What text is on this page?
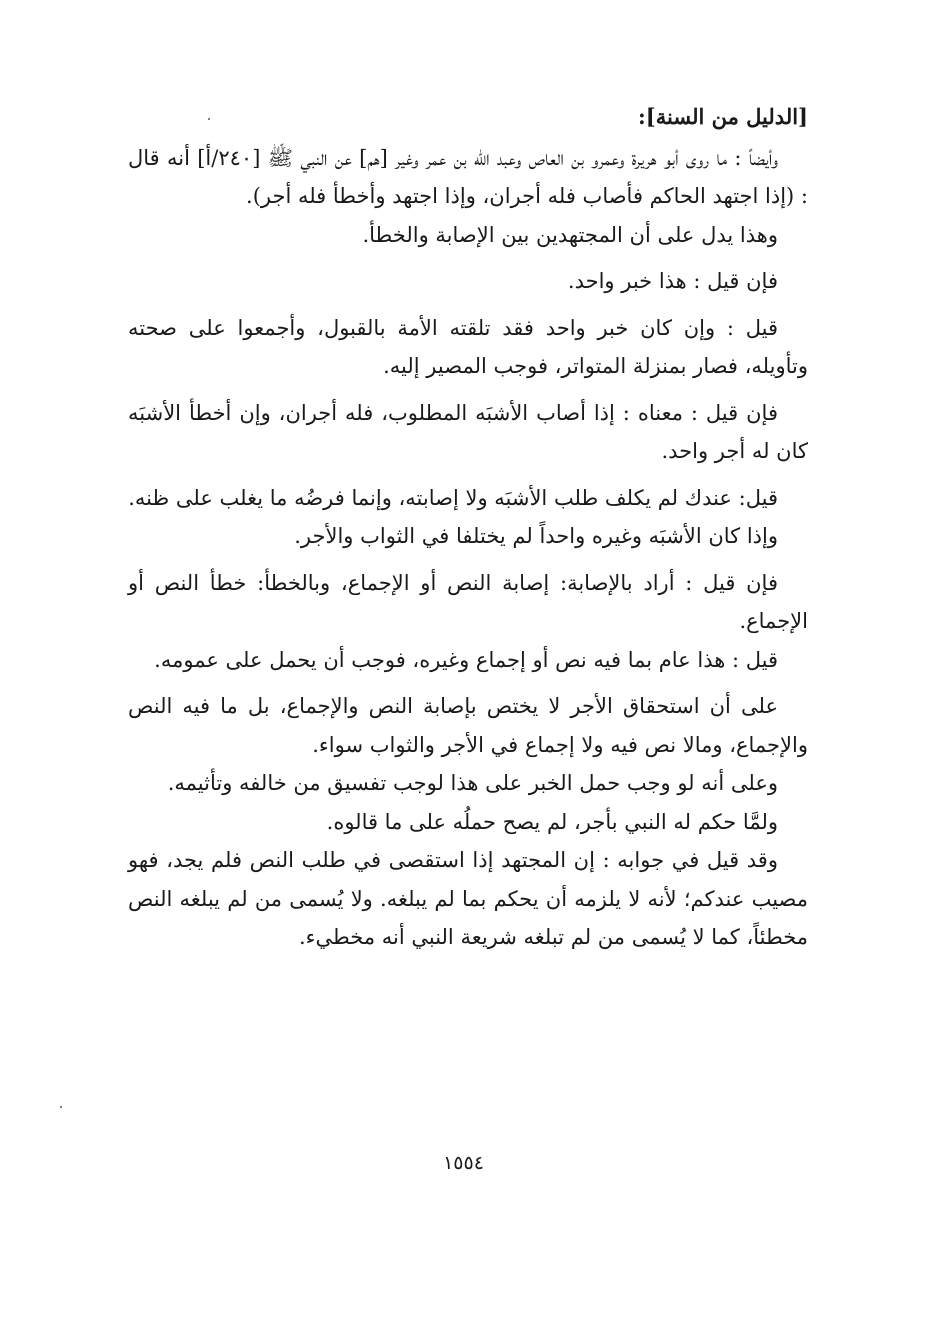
[الدليل من السنة]:

وأيضاً : ما روى أبو هريرة وعمرو بن العاص وعبد الله بن عمر وغير [هم] عن النبي ﷺ [٢٤٠/أ] أنه قال : (إذا اجتهد الحاكم فأصاب فله أجران، وإذا اجتهد وأخطأ فله أجر).

وهذا يدل على أن المجتهدين بين الإصابة والخطأ.

فإن قيل : هذا خبر واحد.

قيل : وإن كان خبر واحد فقد تلقته الأمة بالقبول، وأجمعوا على صحته وتأويله، فصار بمنزلة المتواتر، فوجب المصير إليه.

فإن قيل : معناه : إذا أصاب الأشبَه المطلوب، فله أجران، وإن أخطأ الأشبَه كان له أجر واحد.

قيل: عندك لم يكلف طلب الأشبَه ولا إصابته، وإنما فرضُه ما يغلب على ظنه.

وإذا كان الأشبَه وغيره واحداً لم يختلفا في الثواب والأجر.

فإن قيل : أراد بالإصابة: إصابة النص أو الإجماع، وبالخطأ: خطأ النص أو الإجماع.

قيل : هذا عام بما فيه نص أو إجماع وغيره، فوجب أن يحمل على عمومه.

على أن استحقاق الأجر لا يختص بإصابة النص والإجماع، بل ما فيه النص والإجماع، ومالا نص فيه ولا إجماع في الأجر والثواب سواء.

وعلى أنه لو وجب حمل الخبر على هذا لوجب تفسيق من خالفه وتأثيمه.

ولمَّا حكم له النبي بأجر، لم يصح حملُه على ما قالوه.

وقد قيل في جوابه : إن المجتهد إذا استقصى في طلب النص فلم يجد، فهو مصيب عندكم؛ لأنه لا يلزمه أن يحكم بما لم يبلغه. ولا يُسمى من لم يبلغه النص مخطئاً، كما لا يُسمى من لم تبلغه شريعة النبي أنه مخطيء.

١٥٥٤
